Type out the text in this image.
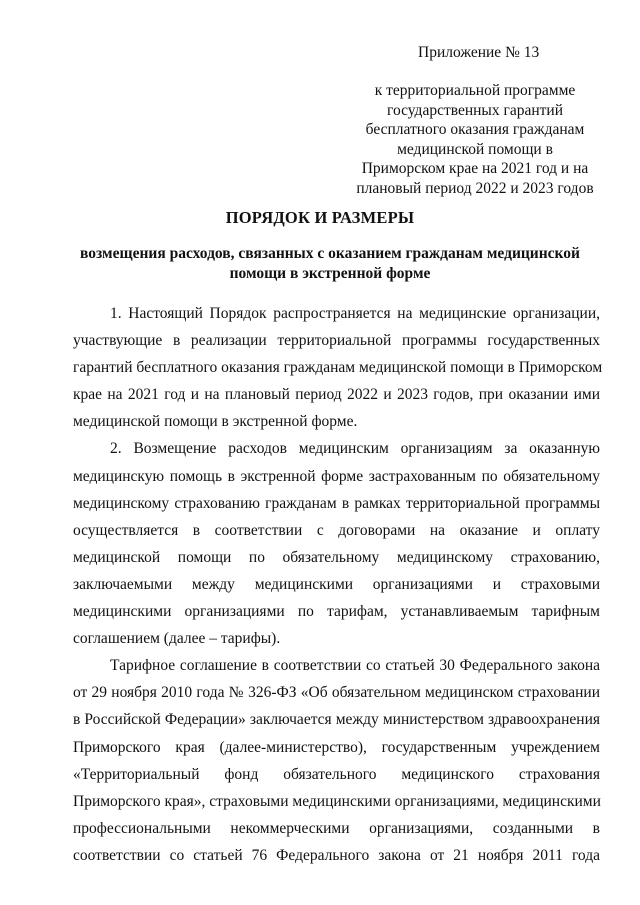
Приложение № 13
к территориальной программе
государственных гарантий
бесплатного оказания гражданам
медицинской помощи в
Приморском крае на 2021 год и на
плановый период 2022 и 2023 годов
ПОРЯДОК И РАЗМЕРЫ
возмещения расходов, связанных с оказанием гражданам медицинской
помощи в экстренной форме

1. Настоящий Порядок распространяется на медицинские организации,
участвующие в реализации территориальной программы государственных
гарантий бесплатного оказания гражданам медицинской помощи в Приморском
крае на 2021 год и на плановый период 2022 и 2023 годов, при оказании ими
медицинской помощи в экстренной форме.

2. Возмещение расходов медицинским организациям за оказанную
медицинскую помощь в экстренной форме застрахованным по обязательному
медицинскому страхованию гражданам в рамках территориальной программы
осуществляется в соответствии с договорами на оказание и оплату
медицинской помощи по обязательному медицинскому страхованию,
заключаемыми между медицинскими организациями и страховыми
медицинскими организациями по тарифам, устанавливаемым тарифным
соглашением (далее – тарифы).

Тарифное соглашение в соответствии со статьей 30 Федерального закона
от 29 ноября 2010 года № 326-ФЗ «Об обязательном медицинском страховании
в Российской Федерации» заключается между министерством здравоохранения
Приморского края (далее-министерство), государственным учреждением
«Территориальный фонд обязательного медицинского страхования
Приморского края», страховыми медицинскими организациями, медицинскими
профессиональными некоммерческими организациями, созданными в
соответствии со статьей 76 Федерального закона от 21 ноября 2011 года
